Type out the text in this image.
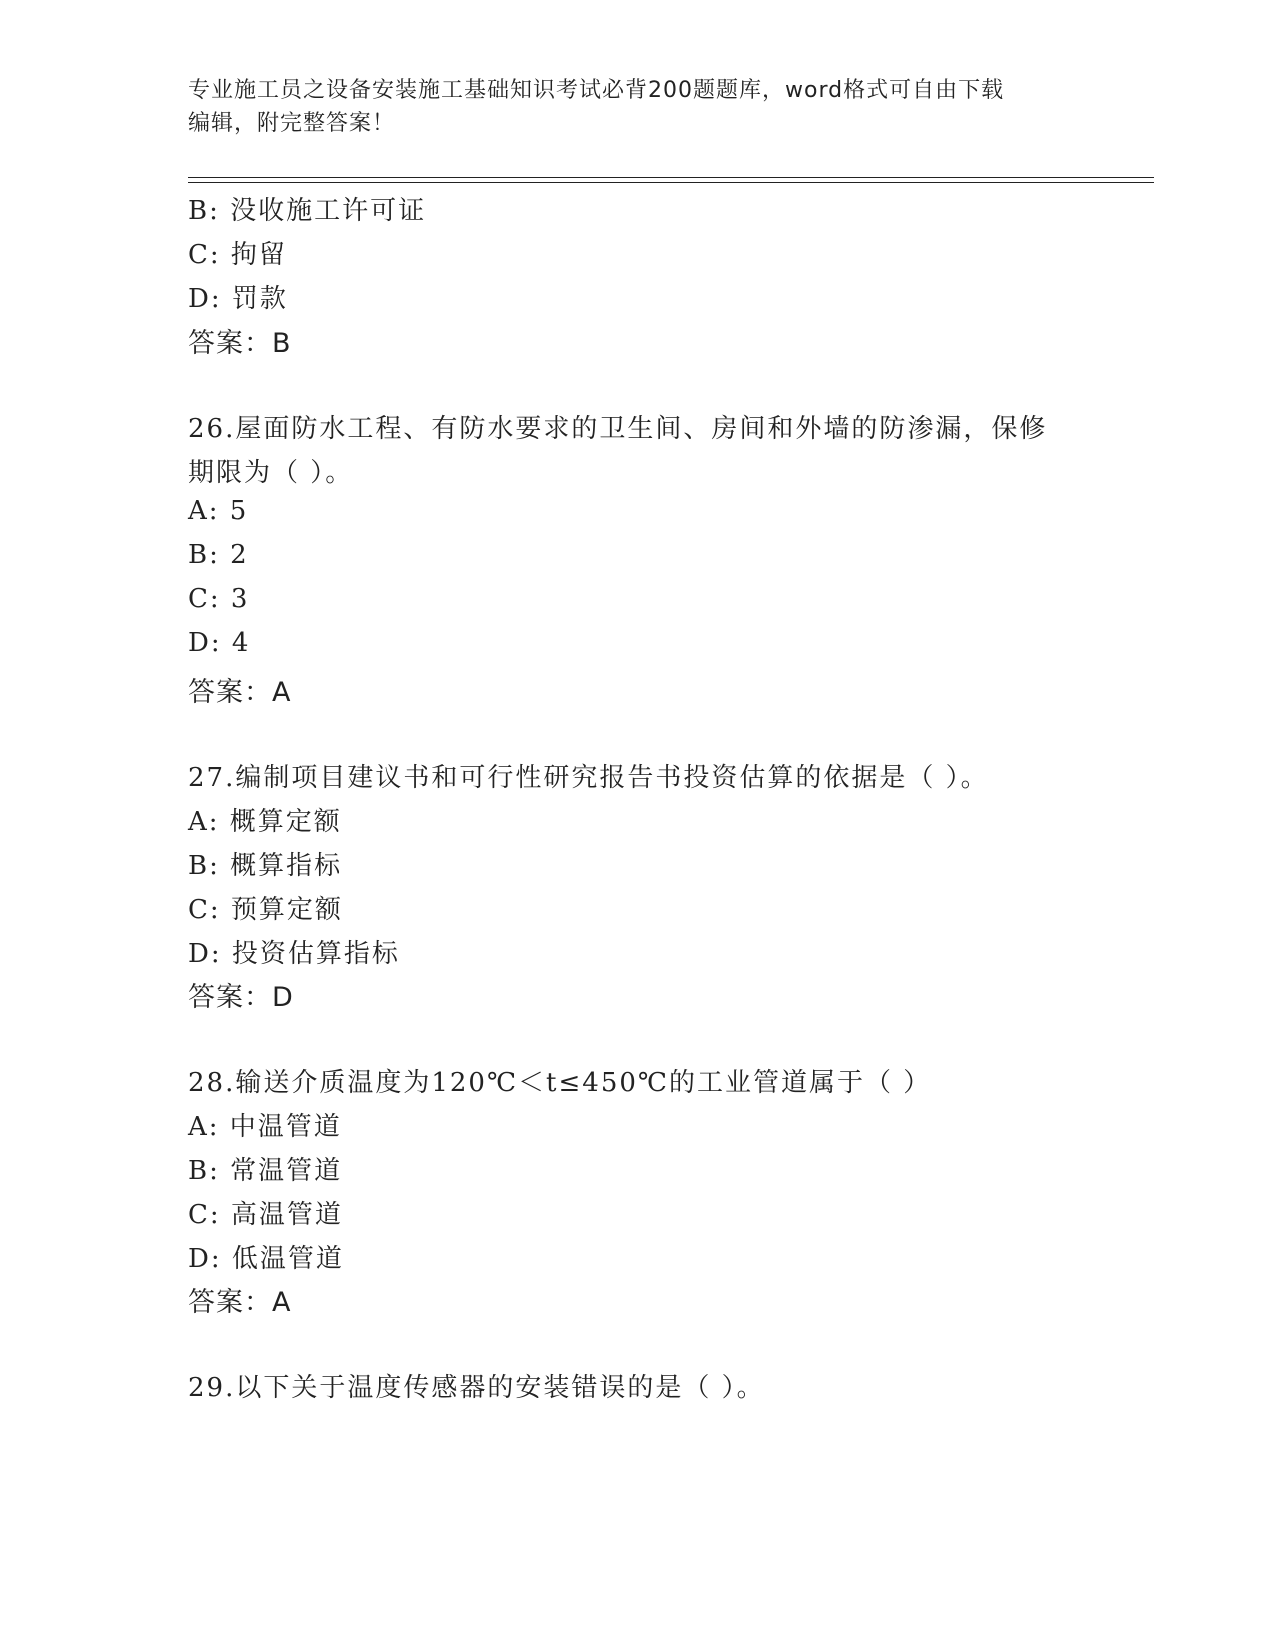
专业施工员之设备安装施工基础知识考试必背200题题库，word格式可自由下载
编辑，附完整答案！
B: 没收施工许可证
C: 拘留
D: 罚款
答案：B
26.屋面防水工程、有防水要求的卫生间、房间和外墙的防渗漏，保修
期限为（ ）。
A: 5
B: 2
C: 3
D: 4
答案：A
27.编制项目建议书和可行性研究报告书投资估算的依据是（ ）。
A: 概算定额
B: 概算指标
C: 预算定额
D: 投资估算指标
答案：D
28.输送介质温度为120℃＜t≤450℃的工业管道属于（ ）
A: 中温管道
B: 常温管道
C: 高温管道
D: 低温管道
答案：A
29.以下关于温度传感器的安装错误的是（ ）。
